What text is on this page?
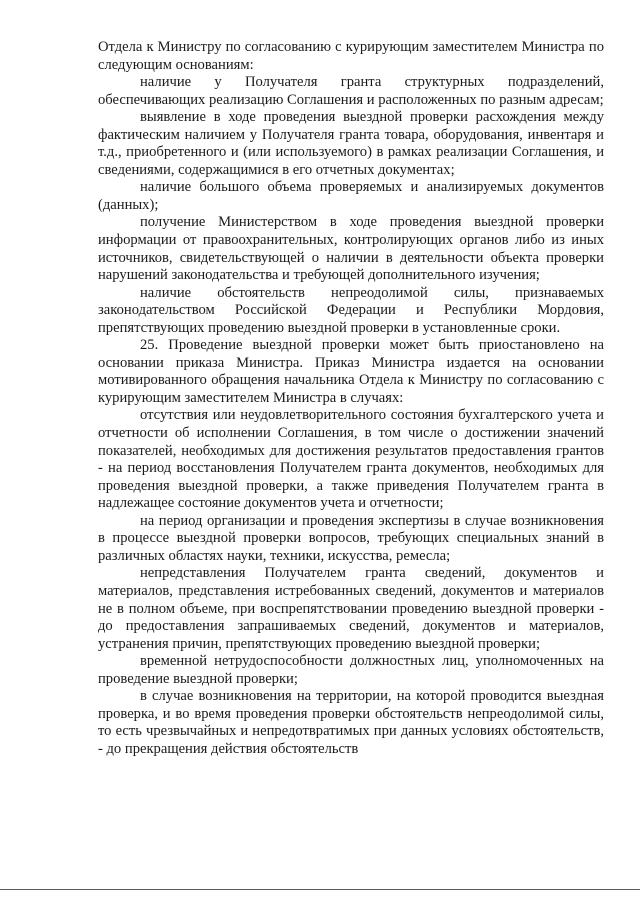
Отдела к Министру по согласованию с курирующим заместителем Министра по следующим основаниям:

наличие у Получателя гранта структурных подразделений, обеспечивающих реализацию Соглашения и расположенных по разным адресам;

выявление в ходе проведения выездной проверки расхождения между фактическим наличием у Получателя гранта товара, оборудования, инвентаря и т.д., приобретенного и (или используемого) в рамках реализации Соглашения, и сведениями, содержащимися в его отчетных документах;

наличие большого объема проверяемых и анализируемых документов (данных);

получение Министерством в ходе проведения выездной проверки информации от правоохранительных, контролирующих органов либо из иных источников, свидетельствующей о наличии в деятельности объекта проверки нарушений законодательства и требующей дополнительного изучения;

наличие обстоятельств непреодолимой силы, признаваемых законодательством Российской Федерации и Республики Мордовия, препятствующих проведению выездной проверки в установленные сроки.

25. Проведение выездной проверки может быть приостановлено на основании приказа Министра. Приказ Министра издается на основании мотивированного обращения начальника Отдела к Министру по согласованию с курирующим заместителем Министра в случаях:

отсутствия или неудовлетворительного состояния бухгалтерского учета и отчетности об исполнении Соглашения, в том числе о достижении значений показателей, необходимых для достижения результатов предоставления грантов - на период восстановления Получателем гранта документов, необходимых для проведения выездной проверки, а также приведения Получателем гранта в надлежащее состояние документов учета и отчетности;

на период организации и проведения экспертизы в случае возникновения в процессе выездной проверки вопросов, требующих специальных знаний в различных областях науки, техники, искусства, ремесла;

непредставления Получателем гранта сведений, документов и материалов, представления истребованных сведений, документов и материалов не в полном объеме, при воспрепятствовании проведению выездной проверки - до предоставления запрашиваемых сведений, документов и материалов, устранения причин, препятствующих проведению выездной проверки;

временной нетрудоспособности должностных лиц, уполномоченных на проведение выездной проверки;

в случае возникновения на территории, на которой проводится выездная проверка, и во время проведения проверки обстоятельств непреодолимой силы, то есть чрезвычайных и непредотвратимых при данных условиях обстоятельств, - до прекращения действия обстоятельств
